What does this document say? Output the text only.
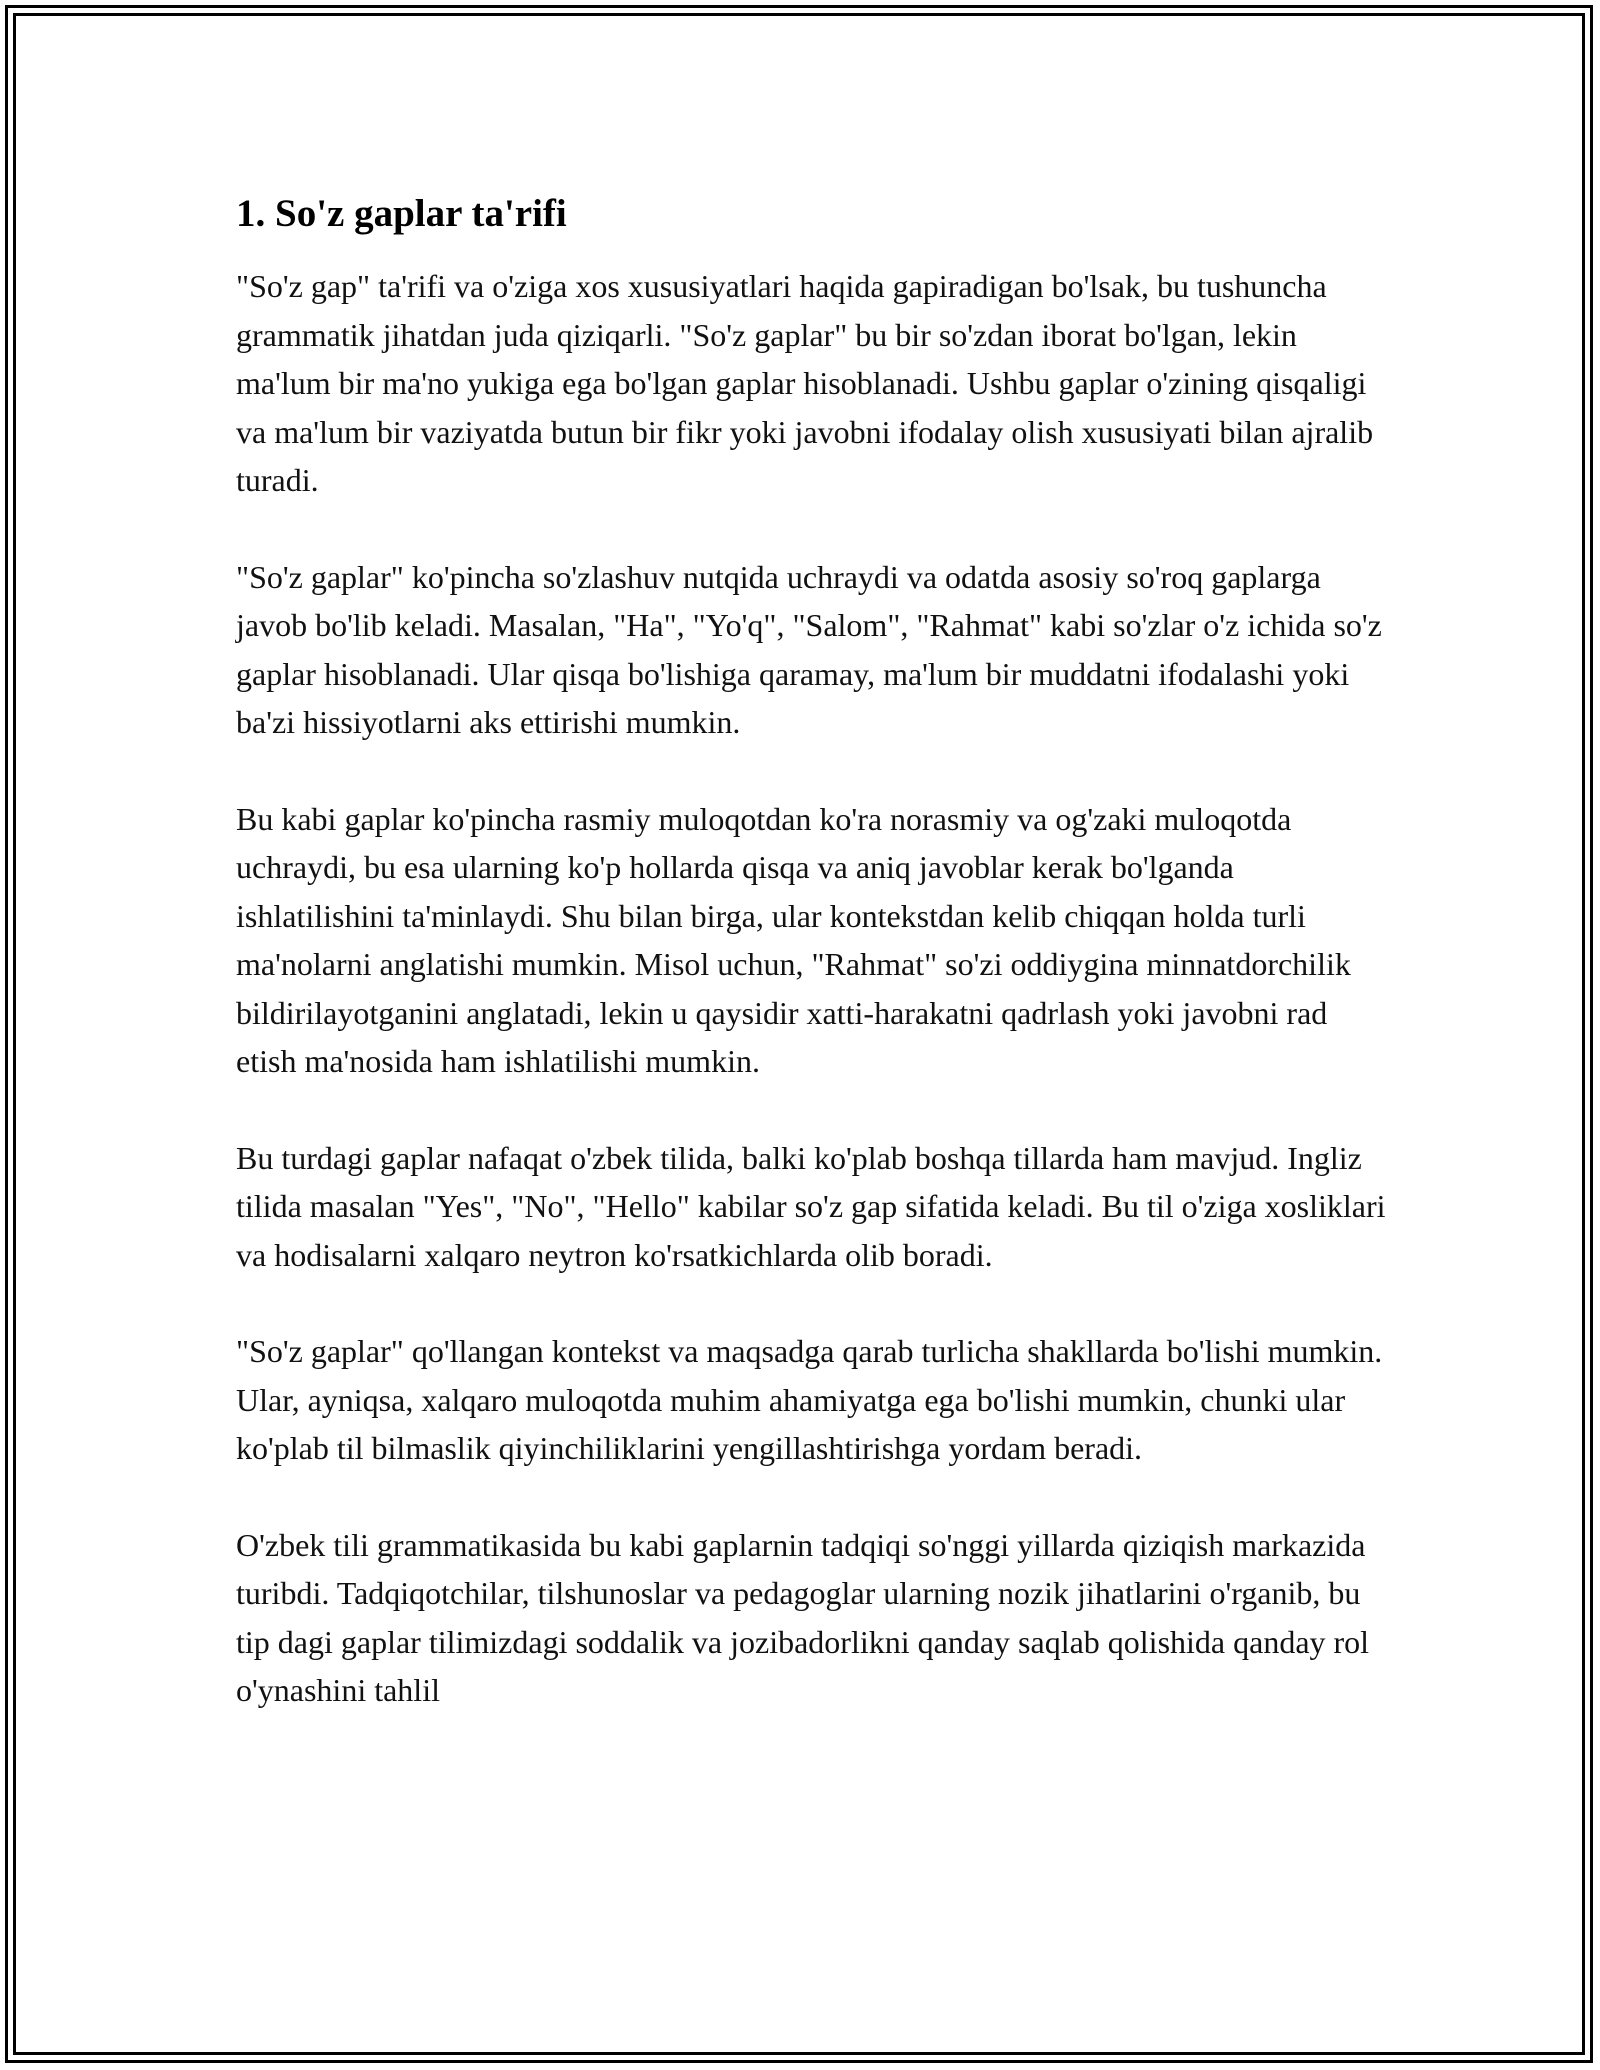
1. So'z gaplar ta'rifi

"So'z gap" ta'rifi va o'ziga xos xususiyatlari haqida gapiradigan bo'lsak, bu tushuncha grammatik jihatdan juda qiziqarli. "So'z gaplar" bu bir so'zdan iborat bo'lgan, lekin ma'lum bir ma'no yukiga ega bo'lgan gaplar hisoblanadi. Ushbu gaplar o'zining qisqaligi va ma'lum bir vaziyatda butun bir fikr yoki javobni ifodalay olish xususiyati bilan ajralib turadi.

"So'z gaplar" ko'pincha so'zlashuv nutqida uchraydi va odatda asosiy so'roq gaplarga javob bo'lib keladi. Masalan, "Ha", "Yo'q", "Salom", "Rahmat" kabi so'zlar o'z ichida so'z gaplar hisoblanadi. Ular qisqa bo'lishiga qaramay, ma'lum bir muddatni ifodalashi yoki ba'zi hissiyotlarni aks ettirishi mumkin.

Bu kabi gaplar ko'pincha rasmiy muloqotdan ko'ra norasmiy va og'zaki muloqotda uchraydi, bu esa ularning ko'p hollarda qisqa va aniq javoblar kerak bo'lganda ishlatilishini ta'minlaydi. Shu bilan birga, ular kontekstdan kelib chiqqan holda turli ma'nolarni anglatishi mumkin. Misol uchun, "Rahmat" so'zi oddiygina minnatdorchilik bildirilayotganini anglatadi, lekin u qaysidir xatti-harakatni qadrlash yoki javobni rad etish ma'nosida ham ishlatilishi mumkin.

Bu turdagi gaplar nafaqat o'zbek tilida, balki ko'plab boshqa tillarda ham mavjud. Ingliz tilida masalan "Yes", "No", "Hello" kabilar so'z gap sifatida keladi. Bu til o'ziga xosliklari va hodisalarni xalqaro neytron ko'rsatkichlarda olib boradi.

"So'z gaplar" qo'llangan kontekst va maqsadga qarab turlicha shakllarda bo'lishi mumkin. Ular, ayniqsa, xalqaro muloqotda muhim ahamiyatga ega bo'lishi mumkin, chunki ular ko'plab til bilmaslik qiyinchiliklarini yengillashtirishga yordam beradi.

O'zbek tili grammatikasida bu kabi gaplarnin tadqiqi so'nggi yillarda qiziqish markazida turibdi. Tadqiqotchilar, tilshunoslar va pedagoglar ularning nozik jihatlarini o'rganib, bu tip dagi gaplar tilimizdagi soddalik va jozibadorlikni qanday saqlab qolishida qanday rol o'ynashini tahlil
